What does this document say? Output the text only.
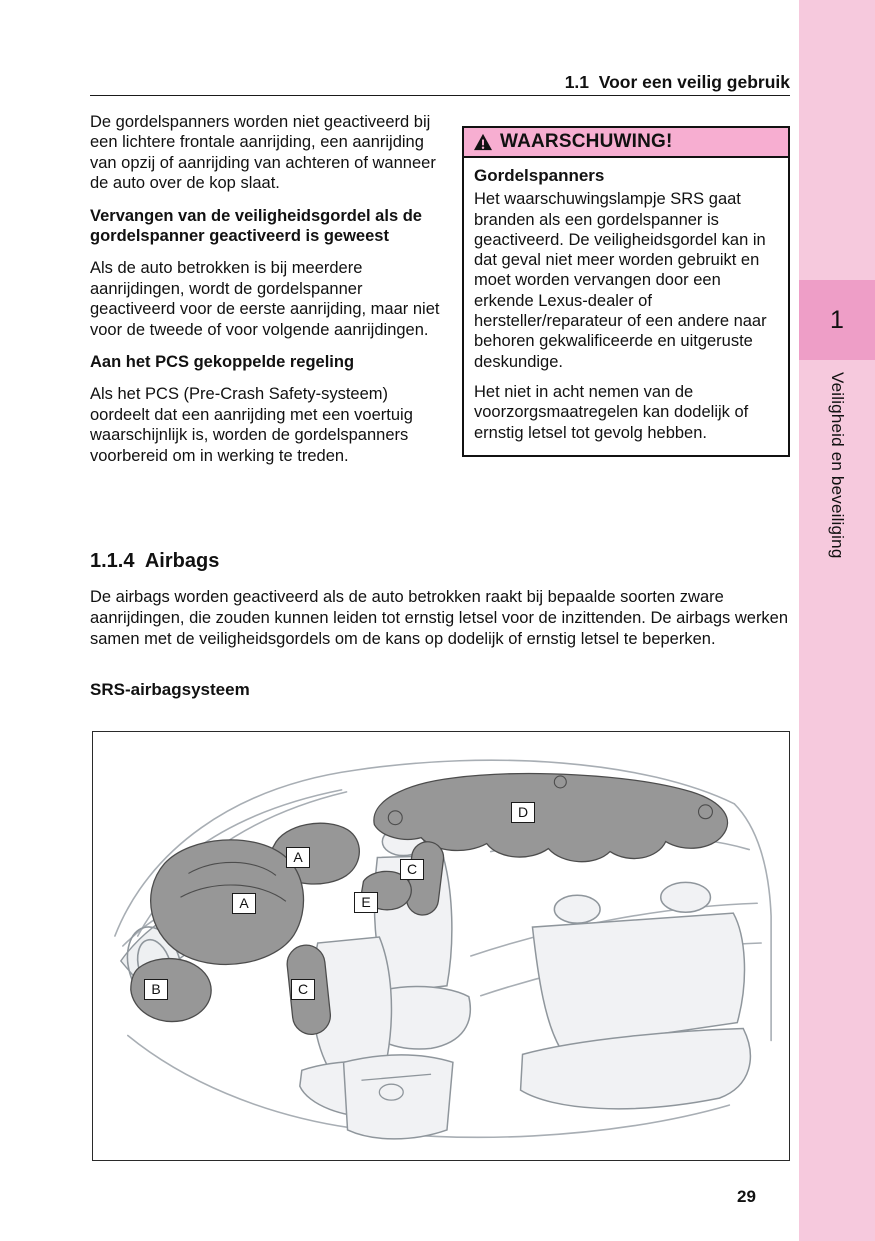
1
Veiligheid en beveiliging
1.1  Voor een veilig gebruik

De gordelspanners worden niet geactiveerd bij een lichtere frontale aanrijding, een aanrijding van opzij of aanrijding van achteren of wanneer de auto over de kop slaat.

Vervangen van de veiligheidsgordel als de gordelspanner geactiveerd is geweest

Als de auto betrokken is bij meerdere aanrijdingen, wordt de gordelspanner geactiveerd voor de eerste aanrijding, maar niet voor de tweede of voor volgende aanrijdingen.

Aan het PCS gekoppelde regeling

Als het PCS (Pre-Crash Safety-systeem) oordeelt dat een aanrijding met een voertuig waarschijnlijk is, worden de gordelspanners voorbereid om in werking te treden.

WAARSCHUWING!

Gordelspanners

Het waarschuwingslampje SRS gaat branden als een gordelspanner is geactiveerd. De veiligheidsgordel kan in dat geval niet meer worden gebruikt en moet worden vervangen door een erkende Lexus-dealer of hersteller/reparateur of een andere naar behoren gekwalificeerde en uitgeruste deskundige.

Het niet in acht nemen van de voorzorgsmaatregelen kan dodelijk of ernstig letsel tot gevolg hebben.

1.1.4  Airbags

De airbags worden geactiveerd als de auto betrokken raakt bij bepaalde soorten zware aanrijdingen, die zouden kunnen leiden tot ernstig letsel voor de inzittenden. De airbags werken samen met de veiligheidsgordels om de kans op dodelijk of ernstig letsel te beperken.

SRS-airbagsysteem

D
A
C
A	E
B	C
29
